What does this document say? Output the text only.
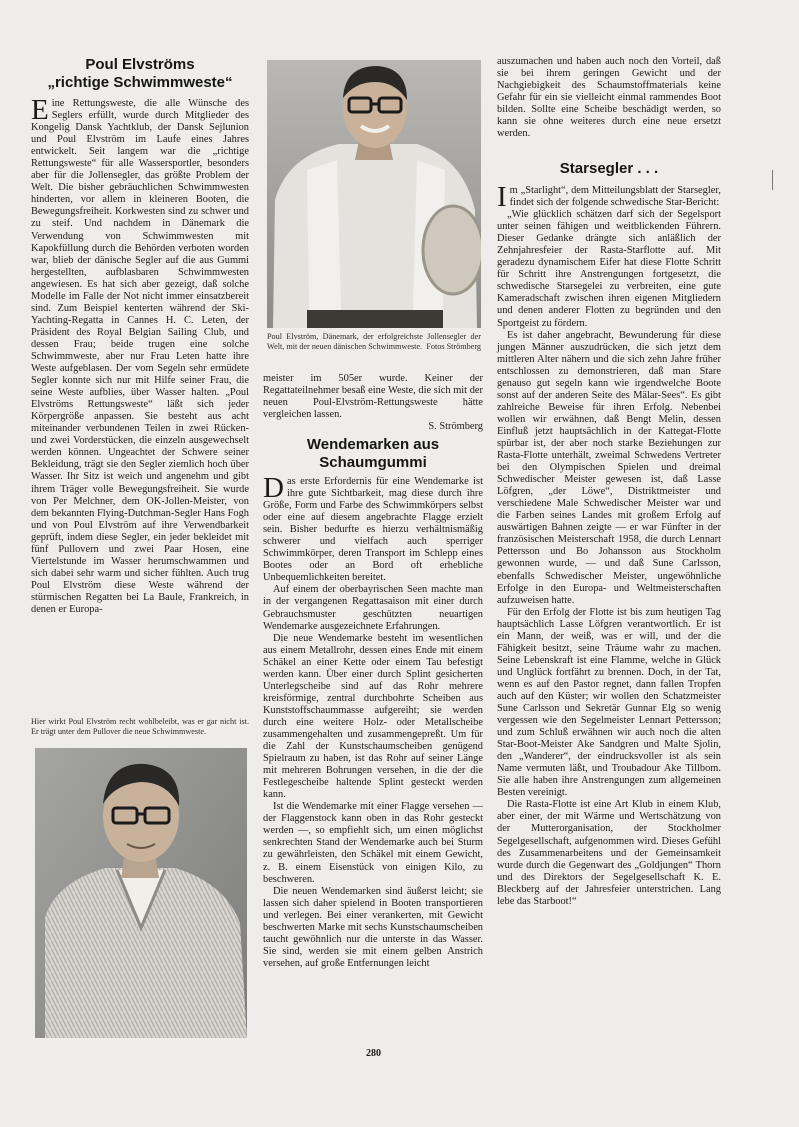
Poul Elvströms
„richtige Schwimmweste“

Eine Rettungsweste, die alle Wünsche des Seglers erfüllt, wurde durch Mitglieder des Kongelig Dansk Yachtklub, der Dansk Sejlunion und Poul Elvström im Laufe eines Jahres entwickelt. Seit langem war die „richtige Rettungsweste“ für alle Wassersportler, besonders aber für die Jollensegler, das größte Problem der Welt. Die bisher gebräuchlichen Schwimmwesten hinderten, vor allem in kleineren Booten, die Bewegungsfreiheit. Korkwesten sind zu schwer und zu steif. Und nachdem in Dänemark die Verwendung von Schwimmwesten mit Kapokfüllung durch die Behörden verboten worden war, blieb der dänische Segler auf die aus Gummi hergestellten, aufblasbaren Schwimmwesten angewiesen. Es hat sich aber gezeigt, daß solche Modelle im Falle der Not nicht immer einsatzbereit sind. Zum Beispiel kenterten während der Ski-Yachting-Regatta in Cannes H. C. Leten, der Präsident des Royal Belgian Sailing Club, und dessen Frau; beide trugen eine solche Schwimmweste, aber nur Frau Leten hatte ihre Weste aufgeblasen. Der vom Segeln sehr ermüdete Segler konnte sich nur mit Hilfe seiner Frau, die seine Weste aufblies, über Wasser halten. „Poul Elvströms Rettungsweste“ läßt sich jeder Körpergröße anpassen. Sie besteht aus acht miteinander verbundenen Teilen in zwei Rücken- und zwei Vorderstücken, die einzeln ausgewechselt werden können. Ungeachtet der Schwere seiner Bekleidung, trägt sie den Segler ziemlich hoch über Wasser. Ihr Sitz ist weich und angenehm und gibt ihrem Träger volle Bewegungsfreiheit. Sie wurde von Per Melchner, dem OK-Jollen-Meister, von dem bekannten Flying-Dutchman-Segler Hans Fogh und von Poul Elvström auf ihre Verwendbarkeit geprüft, indem diese Segler, ein jeder bekleidet mit fünf Pullovern und zwei Paar Hosen, eine Viertelstunde im Wasser herumschwammen und sich dabei sehr warm und sicher fühlten. Auch trug Poul Elvström diese Weste während der stürmischen Regatten bei La Baule, Frankreich, in denen er Europa-

Hier wirkt Poul Elvström recht wohlbeleibt, was er gar nicht ist. Er trägt unter dem Pullover die neue Schwimmweste.

Poul Elvström, Dänemark, der erfolgreichste Jollensegler der Welt, mit der neuen dänischen Schwimmweste. Fotos Strömberg

meister im 505er wurde. Keiner der Regattateilnehmer besaß eine Weste, die sich mit der neuen Poul-Elvström-Rettungsweste hätte vergleichen lassen.

S. Strömberg

Wendemarken aus
Schaumgummi

Das erste Erfordernis für eine Wendemarke ist ihre gute Sichtbarkeit, mag diese durch ihre Größe, Form und Farbe des Schwimmkörpers selbst oder eine auf diesem angebrachte Flagge erzielt sein. Bisher bedurfte es hierzu verhältnismäßig schwerer und vielfach auch sperriger Schwimmkörper, deren Transport im Schlepp eines Bootes oder an Bord oft erhebliche Unbequemlichkeiten bereitet.

Auf einem der oberbayrischen Seen machte man in der vergangenen Regattasaison mit einer durch Gebrauchsmuster geschützten neuartigen Wendemarke ausgezeichnete Erfahrungen.

Die neue Wendemarke besteht im wesentlichen aus einem Metallrohr, dessen eines Ende mit einem Schäkel an einer Kette oder einem Tau befestigt werden kann. Über einer durch Splint gesicherten Unterlegscheibe sind auf das Rohr mehrere kreisförmige, zentral durchbohrte Scheiben aus Kunststoffschaummasse aufgereiht; sie werden durch eine weitere Holz- oder Metallscheibe zusammengehalten und zusammengepreßt. Um für die Zahl der Kunstschaumscheiben genügend Spielraum zu haben, ist das Rohr auf seiner Länge mit mehreren Bohrungen versehen, in die der die Festlegescheibe haltende Splint gesteckt werden kann.

Ist die Wendemarke mit einer Flagge versehen — der Flaggenstock kann oben in das Rohr gesteckt werden —, so empfiehlt sich, um einen möglichst senkrechten Stand der Wendemarke auch bei Sturm zu gewährleisten, den Schäkel mit einem Gewicht, z. B. einem Eisenstück von einigen Kilo, zu beschweren.

Die neuen Wendemarken sind äußerst leicht; sie lassen sich daher spielend in Booten transportieren und verlegen. Bei einer verankerten, mit Gewicht beschwerten Marke mit sechs Kunstschaumscheiben taucht gewöhnlich nur die unterste in das Wasser. Sie sind, werden sie mit einem gelben Anstrich versehen, auf große Entfernungen leicht

auszumachen und haben auch noch den Vorteil, daß sie bei ihrem geringen Gewicht und der Nachgiebigkeit des Schaumstoffmaterials keine Gefahr für ein sie vielleicht einmal rammendes Boot bilden. Sollte eine Scheibe beschädigt werden, so kann sie ohne weiteres durch eine neue ersetzt werden.

Starsegler . . .

Im „Starlight“, dem Mitteilungsblatt der Starsegler, findet sich der folgende schwedische Star-Bericht:

„Wie glücklich schätzen darf sich der Segelsport unter seinen fähigen und weitblickenden Führern. Dieser Gedanke drängte sich anläßlich der Zehnjahresfeier der Rasta-Starflotte auf. Mit geradezu dynamischem Eifer hat diese Flotte Schritt für Schritt ihre Anstrengungen fortgesetzt, die schwedische Starsegelei zu verbreiten, eine gute Kameradschaft zwischen ihren eigenen Mitgliedern und denen anderer Flotten zu begründen und den Sportgeist zu fördern.

Es ist daher angebracht, Bewunderung für diese jungen Männer auszudrücken, die sich jetzt dem mittleren Alter nähern und die sich zehn Jahre früher entschlossen zu demonstrieren, daß man Stare genauso gut segeln kann wie irgendwelche Boote sonst auf der anderen Seite des Mälar-Sees“. Es gibt zahlreiche Beweise für ihren Erfolg. Nebenbei wollen wir erwähnen, daß Bengt Melin, dessen Einfluß jetzt hauptsächlich in der Kattegat-Flotte spürbar ist, der aber noch starke Beziehungen zur Rasta-Flotte unterhält, zweimal Schwedens Vertreter bei den Olympischen Spielen und dreimal Schwedischer Meister gewesen ist, daß Lasse Löfgren, „der Löwe“, Distriktmeister und verschiedene Male Schwedischer Meister war und die Farben seines Landes mit großem Erfolg auf auswärtigen Bahnen zeigte — er war Fünfter in der französischen Meisterschaft 1958, die durch Lennart Pettersson und Bo Johansson aus Stockholm gewonnen wurde, — und daß Sune Carlsson, ebenfalls Schwedischer Meister, ungewöhnliche Erfolge in den Europa- und Weltmeisterschaften aufzuweisen hatte.

Für den Erfolg der Flotte ist bis zum heutigen Tag hauptsächlich Lasse Löfgren verantwortlich. Er ist ein Mann, der weiß, was er will, und der die Fähigkeit besitzt, seine Träume wahr zu machen. Seine Lebenskraft ist eine Flamme, welche in Glück und Unglück fortfährt zu brennen. Doch, in der Tat, wenn es auf den Pastor regnet, dann fallen Tropfen auch auf den Küster; wir wollen den Schatzmeister Sune Carlsson und Sekretär Gunnar Elg so wenig vergessen wie den Segelmeister Lennart Pettersson; und zum Schluß erwähnen wir auch noch die alten Star-Boot-Meister Ake Sandgren und Malte Sjolin, den „Wanderer“, der eindrucksvoller ist als sein Name vermuten läßt, und Troubadour Ake Tillbom. Sie alle haben ihre Anstrengungen zum allgemeinen Besten vereinigt.

Die Rasta-Flotte ist eine Art Klub in einem Klub, aber einer, der mit Wärme und Wertschätzung von der Mutterorganisation, der Stockholmer Segelgesellschaft, aufgenommen wird. Dieses Gefühl des Zusammenarbeitens und der Gemeinsamkeit wurde durch die Gegenwart des „Goldjungen“ Thorn und des Direktors der Segelgesellschaft K. E. Bleckberg auf der Jahresfeier unterstrichen. Lang lebe das Starboot!“

280
